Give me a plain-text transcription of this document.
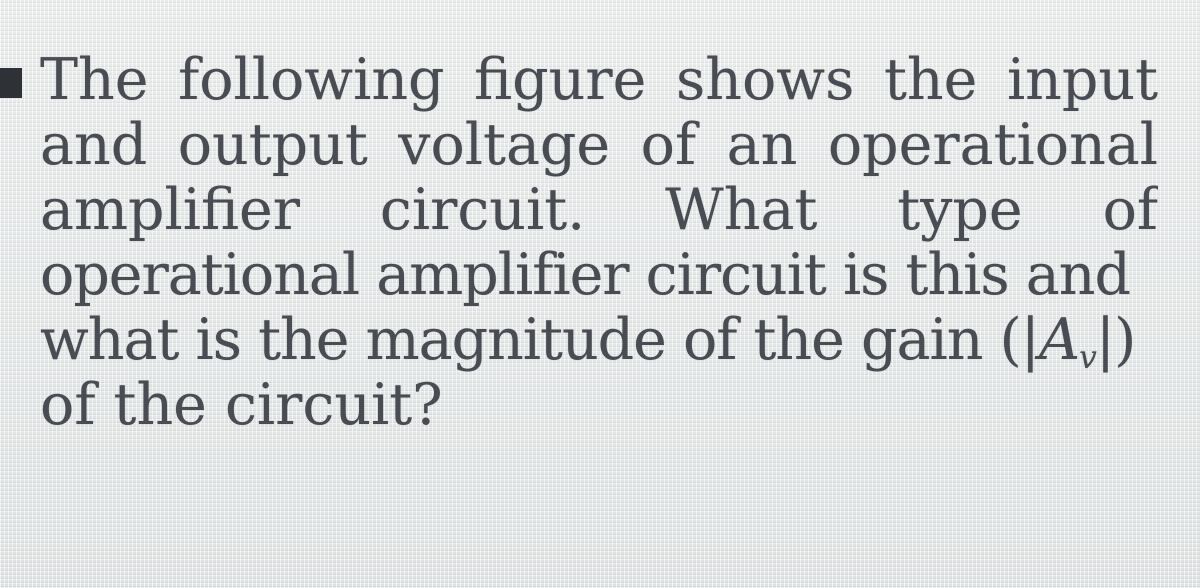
The following figure shows the input
and output voltage of an operational
amplifier circuit. What type of
operational amplifier circuit is this and
what is the magnitude of the gain $(|A_v|)$
of the circuit?
